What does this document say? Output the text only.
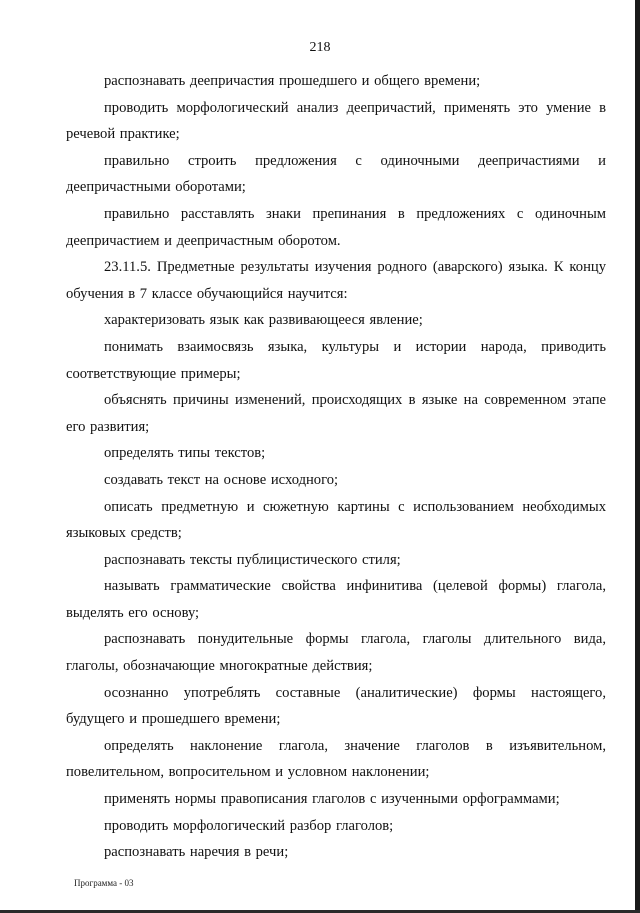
218

распознавать деепричастия прошедшего и общего времени;

проводить морфологический анализ деепричастий, применять это умение в речевой практике;

правильно строить предложения с одиночными деепричастиями и деепричастными оборотами;

правильно расставлять знаки препинания в предложениях с одиночным деепричастием и деепричастным оборотом.

23.11.5. Предметные результаты изучения родного (аварского) языка. К концу обучения в 7 классе обучающийся научится:

характеризовать язык как развивающееся явление;

понимать взаимосвязь языка, культуры и истории народа, приводить соответствующие примеры;

объяснять причины изменений, происходящих в языке на современном этапе его развития;

определять типы текстов;

создавать текст на основе исходного;

описать предметную и сюжетную картины с использованием необходимых языковых средств;

распознавать тексты публицистического стиля;

называть грамматические свойства инфинитива (целевой формы) глагола, выделять его основу;

распознавать понудительные формы глагола, глаголы длительного вида, глаголы, обозначающие многократные действия;

осознанно употреблять составные (аналитические) формы настоящего, будущего и прошедшего времени;

определять наклонение глагола, значение глаголов в изъявительном, повелительном, вопросительном и условном наклонении;

применять нормы правописания глаголов с изученными орфограммами;

проводить морфологический разбор глаголов;

распознавать наречия в речи;

Программа - 03
